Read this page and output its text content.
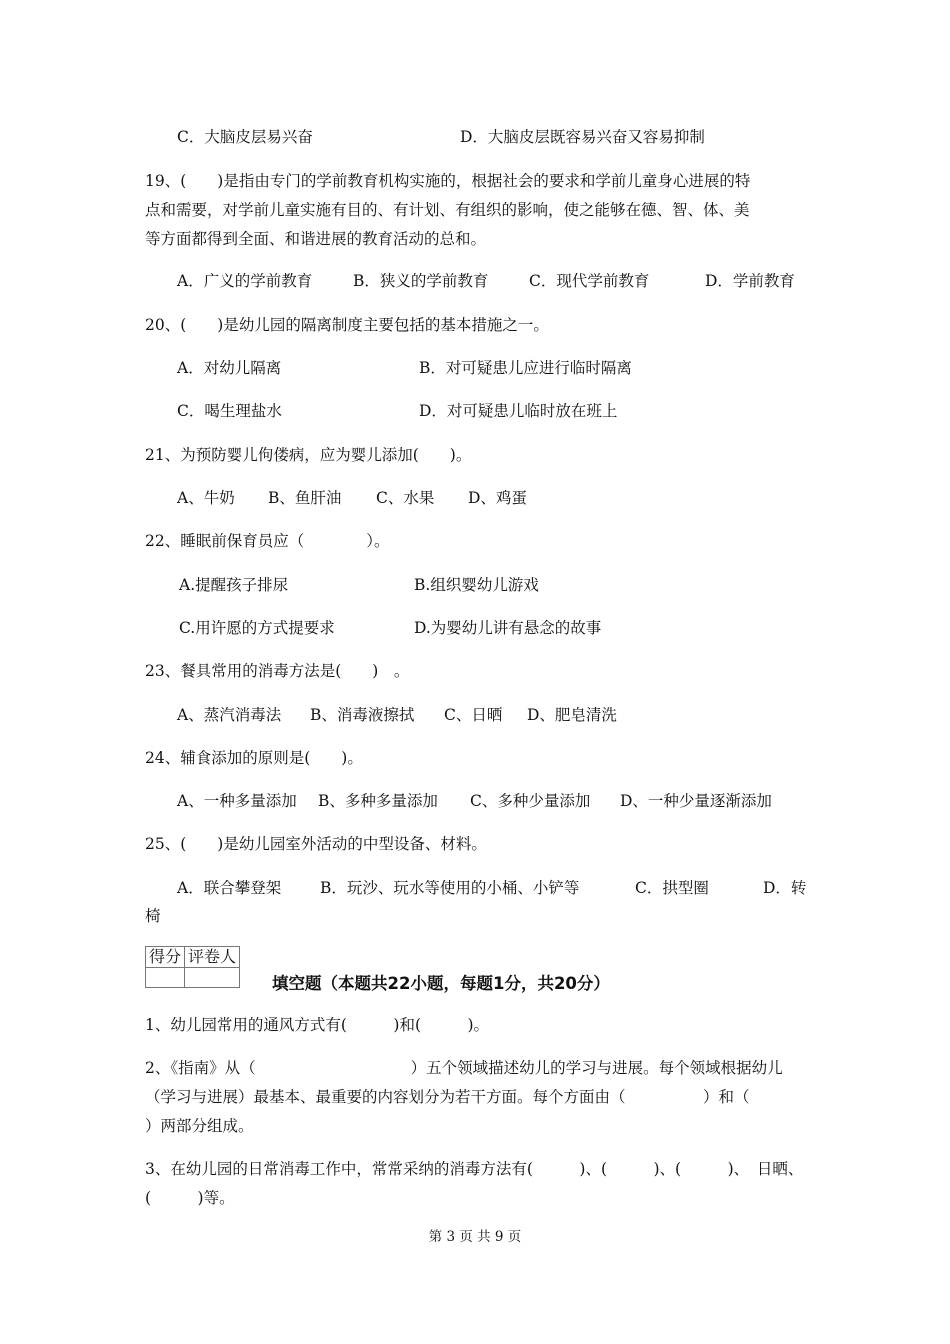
C．大脑皮层易兴奋	D．大脑皮层既容易兴奋又容易抑制
19、(　　)是指由专门的学前教育机构实施的，根据社会的要求和学前儿童身心进展的特
点和需要，对学前儿童实施有目的、有计划、有组织的影响，使之能够在德、智、体、美
等方面都得到全面、和谐进展的教育活动的总和。
A．广义的学前教育	B．狭义的学前教育	C．现代学前教育	D．学前教育
20、(　　)是幼儿园的隔离制度主要包括的基本措施之一。
A．对幼儿隔离	B．对可疑患儿应进行临时隔离
C．喝生理盐水	D．对可疑患儿临时放在班上
21、为预防婴儿佝偻病，应为婴儿添加(　　)。
A、牛奶 B、鱼肝油 C、水果 D、鸡蛋
22、睡眠前保育员应（　　　　）。
A.提醒孩子排尿	B.组织婴幼儿游戏
C.用许愿的方式提要求	D.为婴幼儿讲有悬念的故事
23、餐具常用的消毒方法是(　　)　。
A、蒸汽消毒法 B、消毒液擦拭 C、日晒 D、肥皂清洗
24、辅食添加的原则是(　　)。
A、一种多量添加 B、多种多量添加 C、多种少量添加 D、一种少量逐渐添加
25、(　　)是幼儿园室外活动的中型设备、材料。
A．联合攀登架	B．玩沙、玩水等使用的小桶、小铲等	C．拱型圈	D．转
椅
得分	评卷人

填空题（本题共22小题，每题1分，共20分）
1、幼儿园常用的通风方式有(　　　)和(　　　)。
2、《指南》从（　　　　　　　　　　）五个领域描述幼儿的学习与进展。每个领域根据幼儿
（学习与进展）最基本、最重要的内容划分为若干方面。每个方面由（　　　　　）和（
）两部分组成。
3、在幼儿园的日常消毒工作中，常常采纳的消毒方法有(　　　)、(　　　)、(　　　)、　日晒、
(　　　)等。
第 3 页 共 9 页
